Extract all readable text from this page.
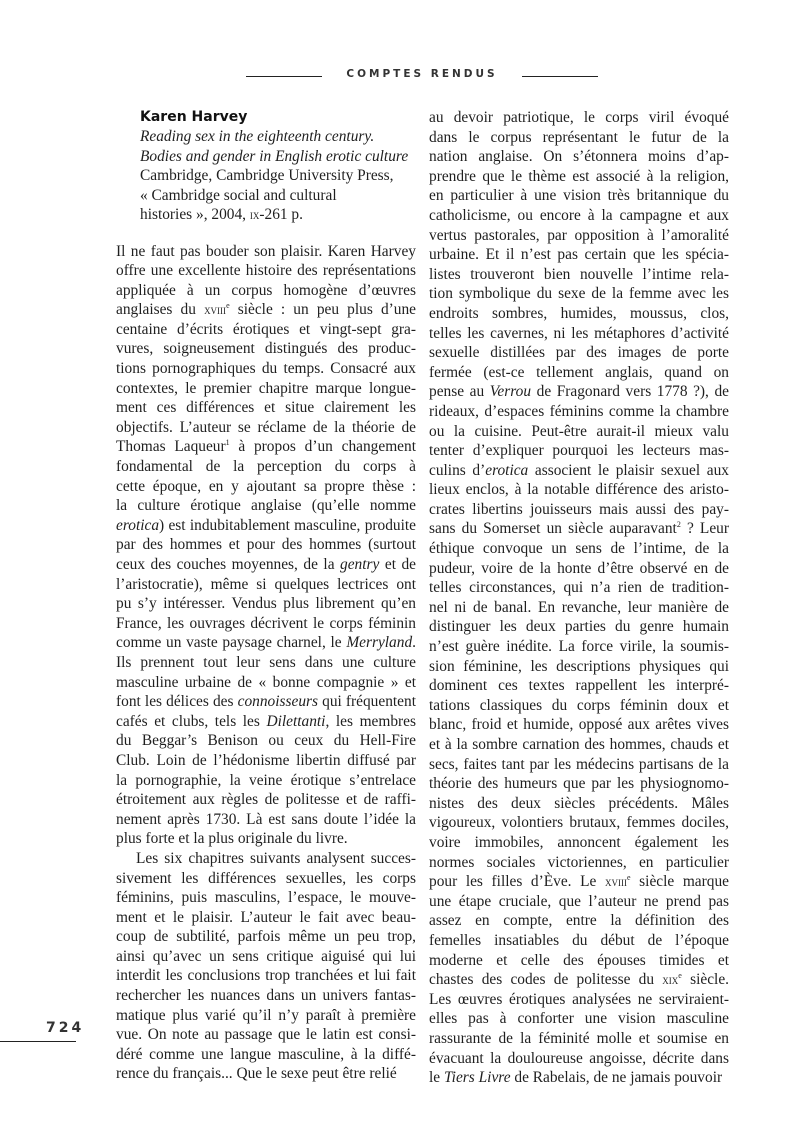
COMPTES RENDUS
Karen Harvey
Reading sex in the eighteenth century.
Bodies and gender in English erotic culture
Cambridge, Cambridge University Press,
« Cambridge social and cultural
histories », 2004, ix-261 p.
Il ne faut pas bouder son plaisir. Karen Harvey
offre une excellente histoire des représentations
appliquée à un corpus homogène d’œuvres
anglaises du xviii$^e$ siècle : un peu plus d’une
centaine d’écrits érotiques et vingt-sept gra-
vures, soigneusement distingués des produc-
tions pornographiques du temps. Consacré aux
contextes, le premier chapitre marque longue-
ment ces différences et situe clairement les
objectifs. L’auteur se réclame de la théorie de
Thomas Laqueur$^1$ à propos d’un changement
fondamental de la perception du corps à
cette époque, en y ajoutant sa propre thèse :
la culture érotique anglaise (qu’elle nomme
erotica) est indubitablement masculine, produite
par des hommes et pour des hommes (surtout
ceux des couches moyennes, de la gentry et de
l’aristocratie), même si quelques lectrices ont
pu s’y intéresser. Vendus plus librement qu’en
France, les ouvrages décrivent le corps féminin
comme un vaste paysage charnel, le Merryland.
Ils prennent tout leur sens dans une culture
masculine urbaine de « bonne compagnie » et
font les délices des connoisseurs qui fréquentent
cafés et clubs, tels les Dilettanti, les membres
du Beggar’s Benison ou ceux du Hell-Fire
Club. Loin de l’hédonisme libertin diffusé par
la pornographie, la veine érotique s’entrelace
étroitement aux règles de politesse et de raffi-
nement après 1730. Là est sans doute l’idée la
plus forte et la plus originale du livre.
Les six chapitres suivants analysent succes-
sivement les différences sexuelles, les corps
féminins, puis masculins, l’espace, le mouve-
ment et le plaisir. L’auteur le fait avec beau-
coup de subtilité, parfois même un peu trop,
ainsi qu’avec un sens critique aiguisé qui lui
interdit les conclusions trop tranchées et lui fait
rechercher les nuances dans un univers fantas-
matique plus varié qu’il n’y paraît à première
vue. On note au passage que le latin est consi-
déré comme une langue masculine, à la diffé-
rence du français... Que le sexe peut être relié
au devoir patriotique, le corps viril évoqué
dans le corpus représentant le futur de la
nation anglaise. On s’étonnera moins d’ap-
prendre que le thème est associé à la religion,
en particulier à une vision très britannique du
catholicisme, ou encore à la campagne et aux
vertus pastorales, par opposition à l’amoralité
urbaine. Et il n’est pas certain que les spécia-
listes trouveront bien nouvelle l’intime rela-
tion symbolique du sexe de la femme avec les
endroits sombres, humides, moussus, clos,
telles les cavernes, ni les métaphores d’activité
sexuelle distillées par des images de porte
fermée (est-ce tellement anglais, quand on
pense au Verrou de Fragonard vers 1778 ?), de
rideaux, d’espaces féminins comme la chambre
ou la cuisine. Peut-être aurait-il mieux valu
tenter d’expliquer pourquoi les lecteurs mas-
culins d’erotica associent le plaisir sexuel aux
lieux enclos, à la notable différence des aristo-
crates libertins jouisseurs mais aussi des pay-
sans du Somerset un siècle auparavant$^2$ ? Leur
éthique convoque un sens de l’intime, de la
pudeur, voire de la honte d’être observé en de
telles circonstances, qui n’a rien de tradition-
nel ni de banal. En revanche, leur manière de
distinguer les deux parties du genre humain
n’est guère inédite. La force virile, la soumis-
sion féminine, les descriptions physiques qui
dominent ces textes rappellent les interpré-
tations classiques du corps féminin doux et
blanc, froid et humide, opposé aux arêtes vives
et à la sombre carnation des hommes, chauds et
secs, faites tant par les médecins partisans de la
théorie des humeurs que par les physiognomo-
nistes des deux siècles précédents. Mâles
vigoureux, volontiers brutaux, femmes dociles,
voire immobiles, annoncent également les
normes sociales victoriennes, en particulier
pour les filles d’Ève. Le xviii$^e$ siècle marque
une étape cruciale, que l’auteur ne prend pas
assez en compte, entre la définition des
femelles insatiables du début de l’époque
moderne et celle des épouses timides et
chastes des codes de politesse du xix$^e$ siècle.
Les œuvres érotiques analysées ne serviraient-
elles pas à conforter une vision masculine
rassurante de la féminité molle et soumise en
évacuant la douloureuse angoisse, décrite dans
le Tiers Livre de Rabelais, de ne jamais pouvoir
724
